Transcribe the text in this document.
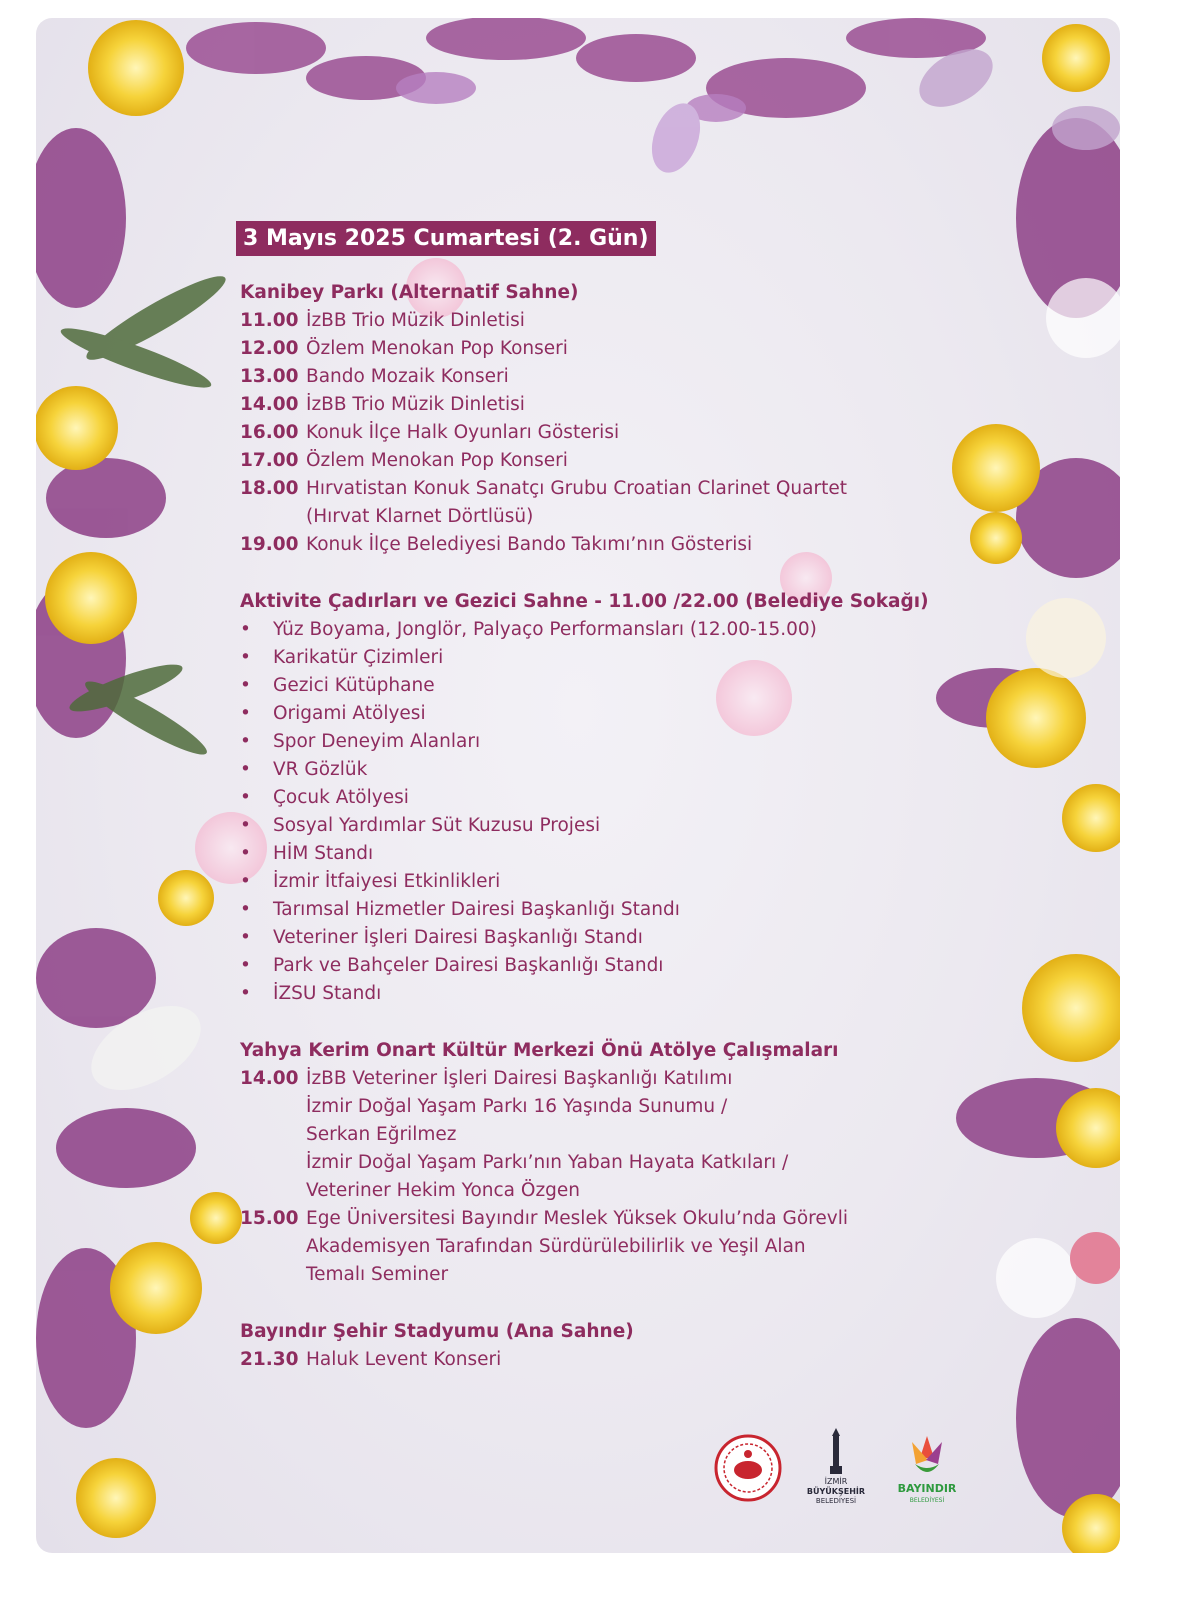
3 Mayıs 2025 Cumartesi (2. Gün)
Kanibey Parkı (Alternatif Sahne)
11.00 İzBB Trio Müzik Dinletisi
12.00 Özlem Menokan Pop Konseri
13.00 Bando Mozaik Konseri
14.00 İzBB Trio Müzik Dinletisi
16.00 Konuk İlçe Halk Oyunları Gösterisi
17.00 Özlem Menokan Pop Konseri
18.00 Hırvatistan Konuk Sanatçı Grubu Croatian Clarinet Quartet
(Hırvat Klarnet Dörtlüsü)
19.00 Konuk İlçe Belediyesi Bando Takımı’nın Gösterisi
Aktivite Çadırları ve Gezici Sahne - 11.00 /22.00 (Belediye Sokağı)
• Yüz Boyama, Jonglör, Palyaço Performansları (12.00-15.00)
• Karikatür Çizimleri
• Gezici Kütüphane
• Origami Atölyesi
• Spor Deneyim Alanları
• VR Gözlük
• Çocuk Atölyesi
• Sosyal Yardımlar Süt Kuzusu Projesi
• HİM Standı
• İzmir İtfaiyesi Etkinlikleri
• Tarımsal Hizmetler Dairesi Başkanlığı Standı
• Veteriner İşleri Dairesi Başkanlığı Standı
• Park ve Bahçeler Dairesi Başkanlığı Standı
• İZSU Standı
Yahya Kerim Onart Kültür Merkezi Önü Atölye Çalışmaları
14.00 İzBB Veteriner İşleri Dairesi Başkanlığı Katılımı
İzmir Doğal Yaşam Parkı 16 Yaşında Sunumu /
Serkan Eğrilmez
İzmir Doğal Yaşam Parkı’nın Yaban Hayata Katkıları /
Veteriner Hekim Yonca Özgen
15.00 Ege Üniversitesi Bayındır Meslek Yüksek Okulu’nda Görevli
Akademisyen Tarafından Sürdürülebilirlik ve Yeşil Alan
Temalı Seminer
Bayındır Şehir Stadyumu (Ana Sahne)
21.30 Haluk Levent Konseri
İZMİR
BÜYÜKŞEHİR
BELEDİYESİ
BAYINDIR
BELEDİYESİ
